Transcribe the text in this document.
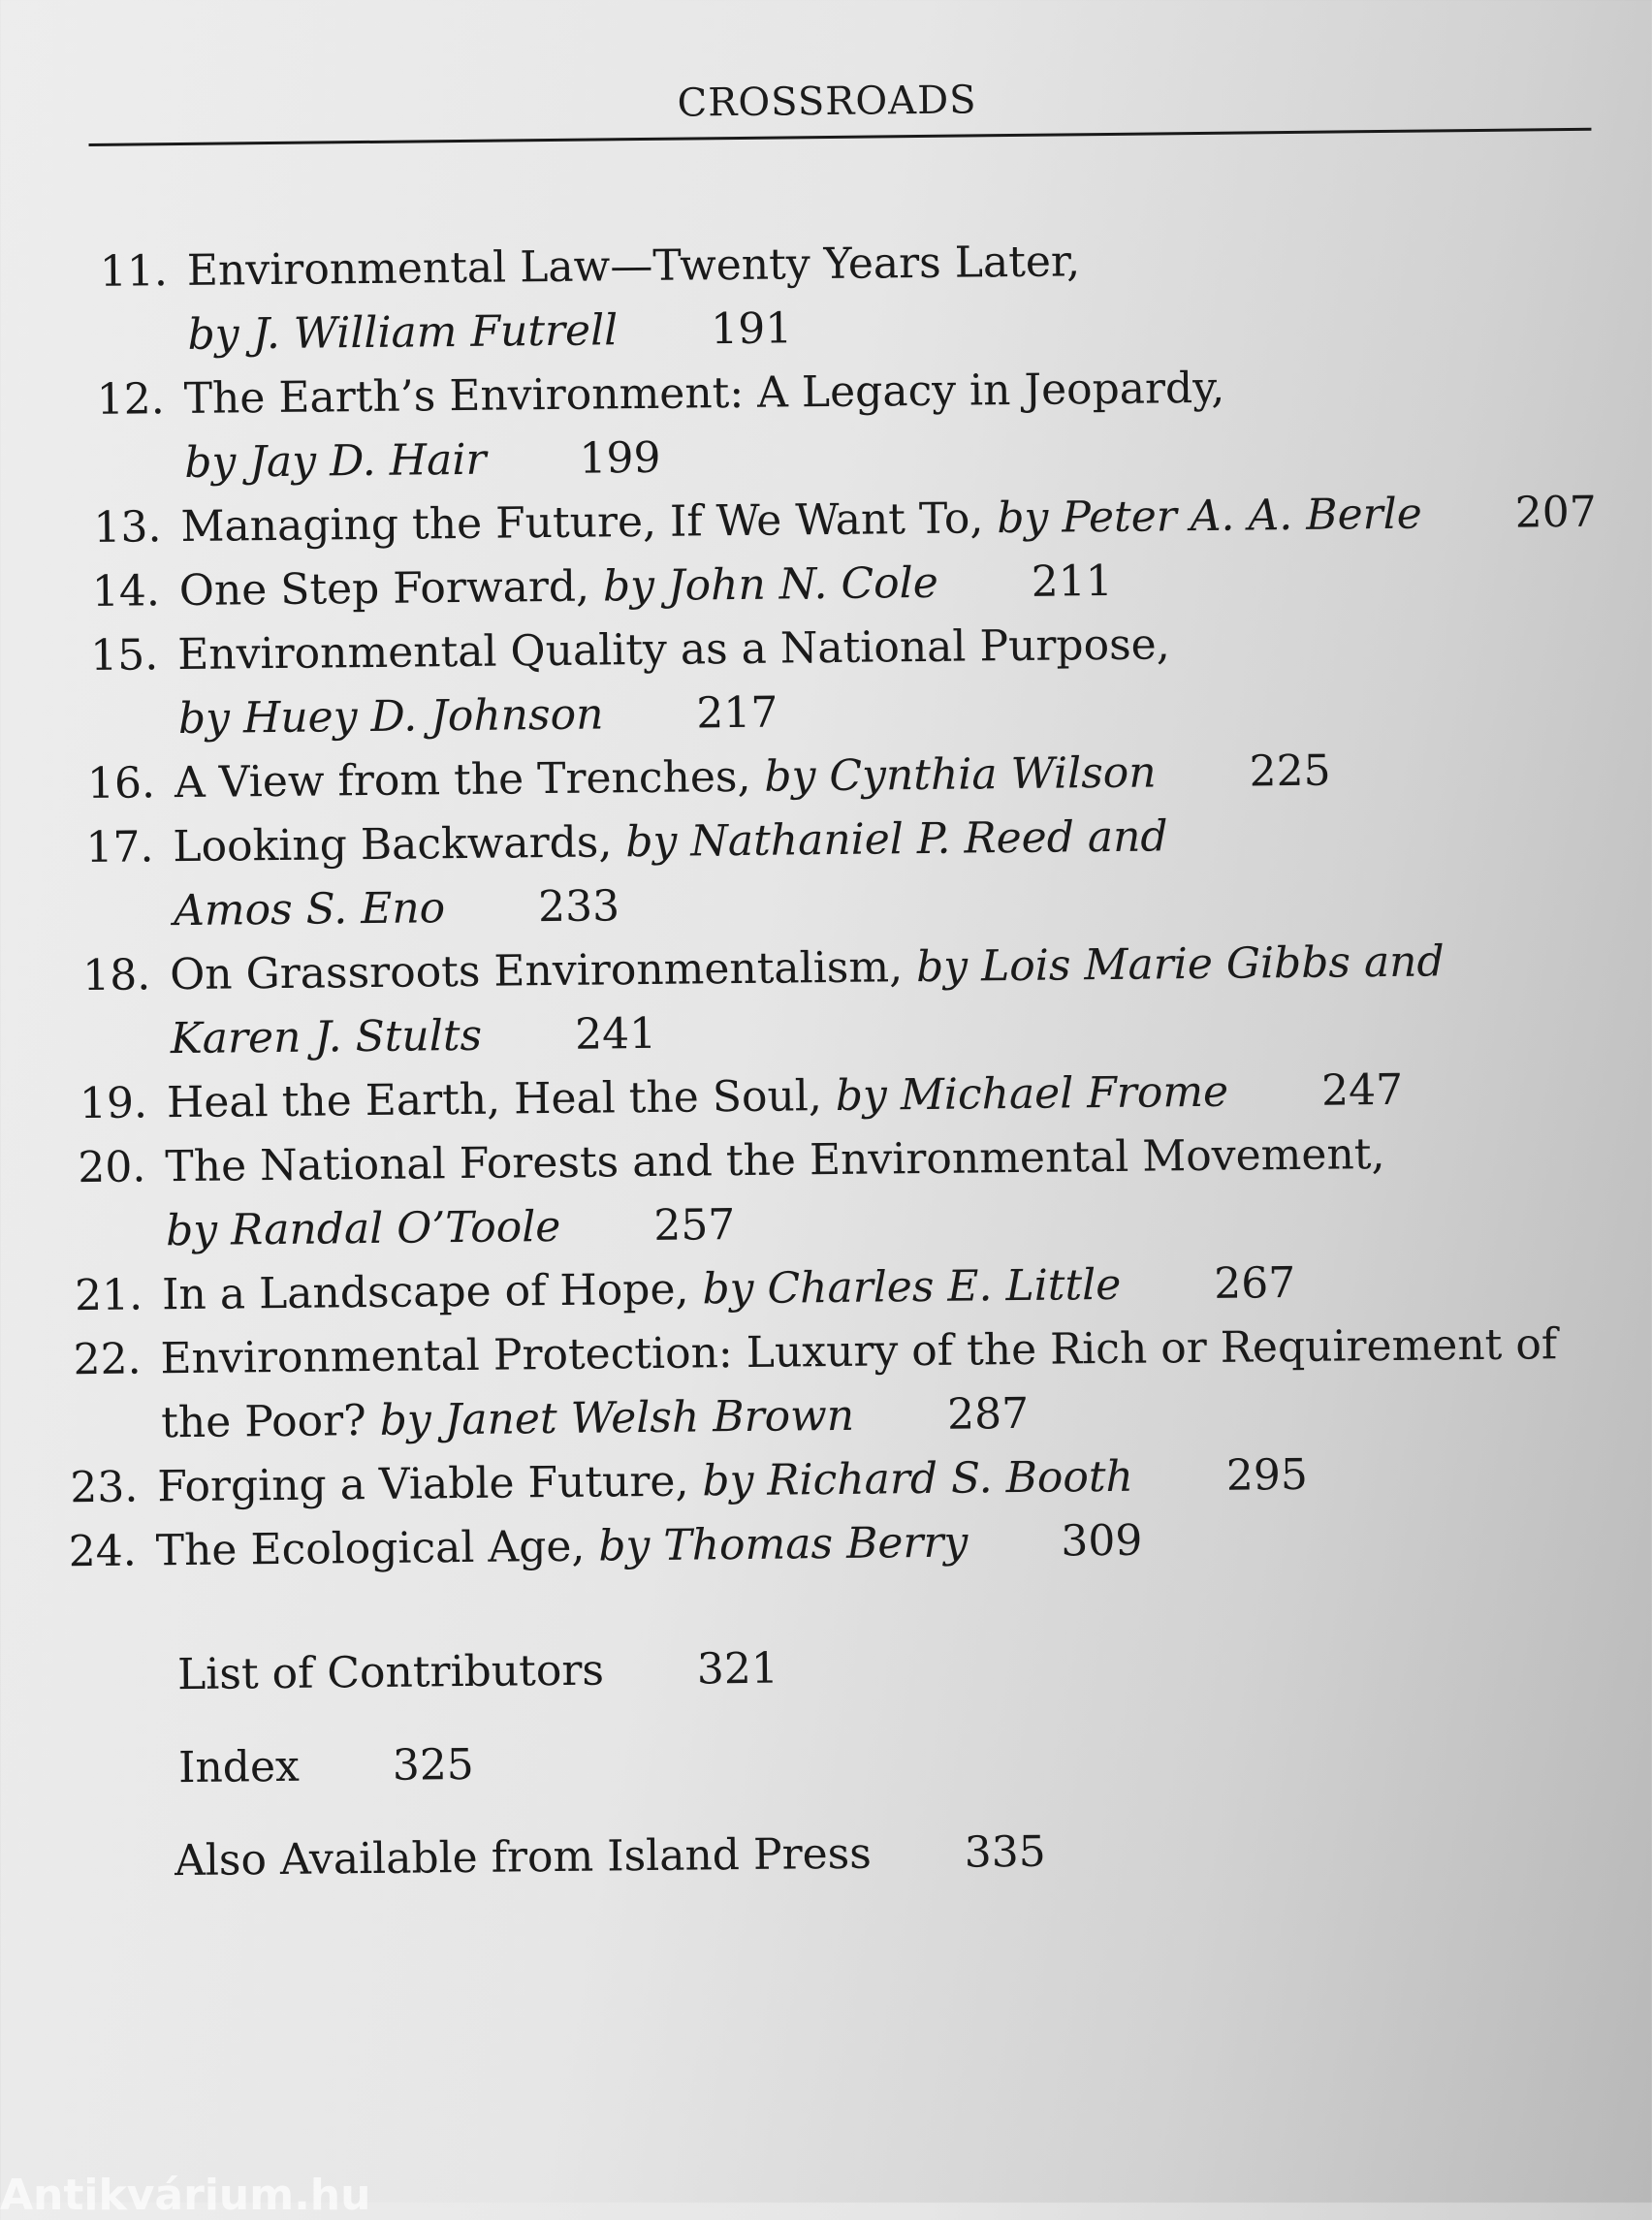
CROSSROADS
11. Environmental Law—Twenty Years Later,
by J. William Futrell 191
12. The Earth’s Environment: A Legacy in Jeopardy,
by Jay D. Hair 199
13. Managing the Future, If We Want To, by Peter A. A. Berle 207
14. One Step Forward, by John N. Cole 211
15. Environmental Quality as a National Purpose,
by Huey D. Johnson 217
16. A View from the Trenches, by Cynthia Wilson 225
17. Looking Backwards, by Nathaniel P. Reed and
Amos S. Eno 233
18. On Grassroots Environmentalism, by Lois Marie Gibbs and
Karen J. Stults 241
19. Heal the Earth, Heal the Soul, by Michael Frome 247
20. The National Forests and the Environmental Movement,
by Randal O’Toole 257
21. In a Landscape of Hope, by Charles E. Little 267
22. Environmental Protection: Luxury of the Rich or Requirement of
the Poor? by Janet Welsh Brown 287
23. Forging a Viable Future, by Richard S. Booth 295
24. The Ecological Age, by Thomas Berry 309
List of Contributors 321
Index 325
Also Available from Island Press 335
Antikvárium.hu
